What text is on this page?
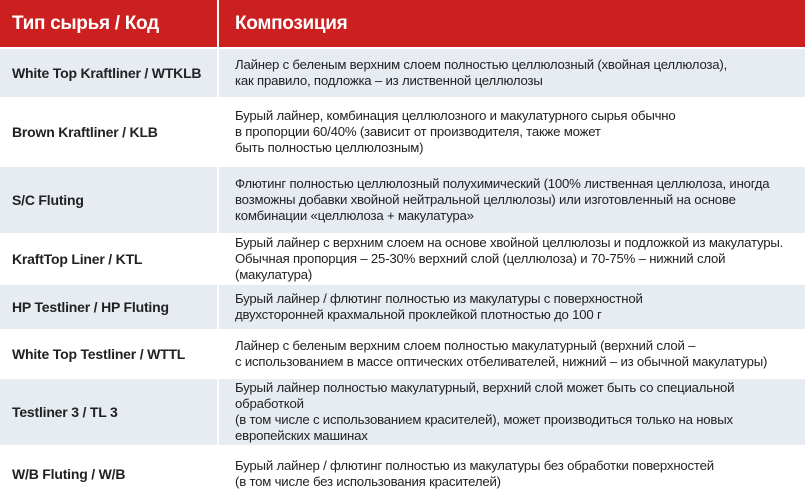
Тип сырья / Код	Композиция
White Top Kraftliner / WTKLB
Лайнер с беленым верхним слоем полностью целлюлозный (хвойная целлюлоза),
как правило, подложка – из лиственной целлюлозы
Brown Kraftliner / KLB
Бурый лайнер, комбинация целлюлозного и макулатурного сырья обычно
в пропорции 60/40% (зависит от производителя, также может
быть полностью целлюлозным)
S/C Fluting
Флютинг полностью целлюлозный полухимический (100% лиственная целлюлоза, иногда
возможны добавки хвойной нейтральной целлюлозы) или изготовленный на основе
комбинации «целлюлоза + макулатура»
KraftTop Liner / KTL
Бурый лайнер с верхним слоем на основе хвойной целлюлозы и подложкой из макулатуры.
Обычная пропорция – 25-30% верхний слой (целлюлоза) и 70-75% – нижний слой (макулатура)
HP Testliner / HP Fluting
Бурый лайнер / флютинг полностью из макулатуры с поверхностной
двухсторонней крахмальной проклейкой плотностью до 100 г
White Top Testliner / WTTL
Лайнер с беленым верхним слоем полностью макулатурный (верхний слой –
с использованием в массе оптических отбеливателей, нижний – из обычной макулатуры)
Testliner 3 / TL 3
Бурый лайнер полностью макулатурный, верхний слой может быть со специальной обработкой
(в том числе с использованием красителей), может производиться только на новых
европейских машинах
W/B Fluting / W/B
Бурый лайнер / флютинг полностью из макулатуры без обработки поверхностей
(в том числе без использования красителей)
